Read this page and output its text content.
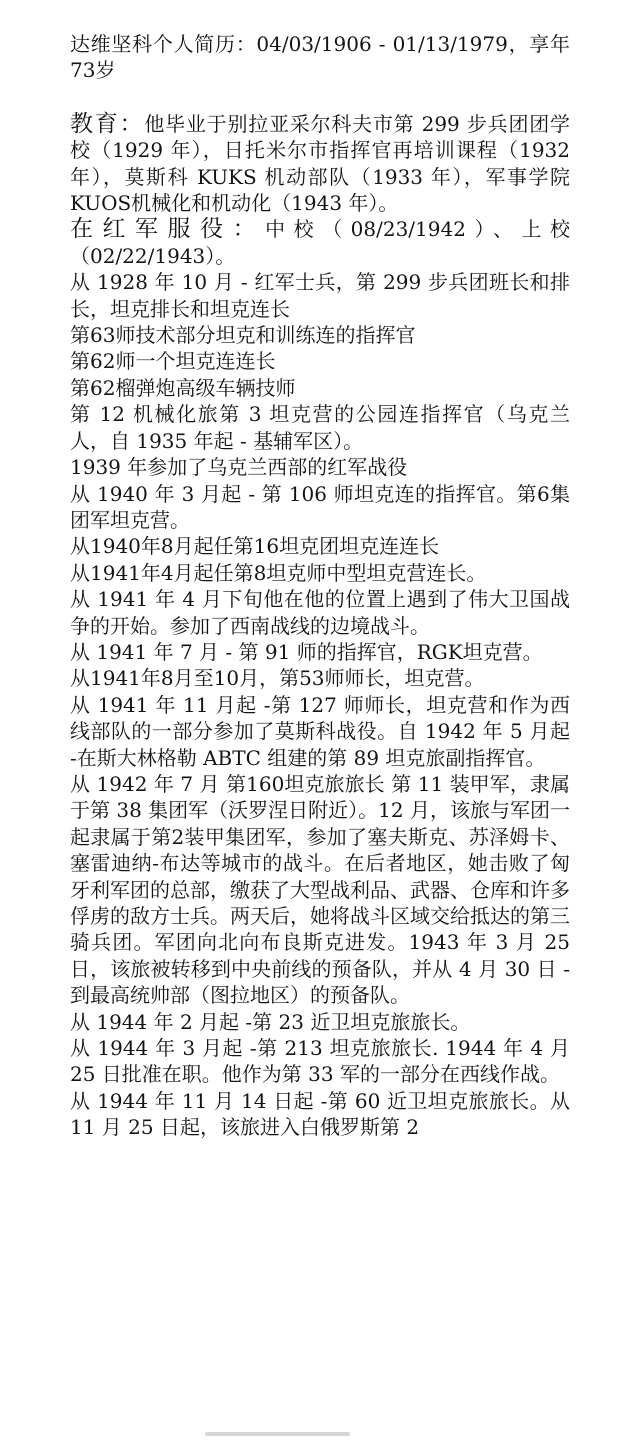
达维坚科个人简历：04/03/1906 - 01/13/1979，享年73岁

教育：他毕业于别拉亚采尔科夫市第 299 步兵团团学校（1929 年），日托米尔市指挥官再培训课程（1932 年），莫斯科 KUKS 机动部队（1933 年），军事学院 KUOS机械化和机动化（1943 年）。

在红军服役：中校（08/23/1942）、上校（02/22/1943）。

从 1928 年 10 月 - 红军士兵，第 299 步兵团班长和排长，坦克排长和坦克连长

第63师技术部分坦克和训练连的指挥官

第62师一个坦克连连长

第62榴弹炮高级车辆技师

第 12 机械化旅第 3 坦克营的公园连指挥官（乌克兰人，自 1935 年起 - 基辅军区）。

1939 年参加了乌克兰西部的红军战役

从 1940 年 3 月起 - 第 106 师坦克连的指挥官。第6集团军坦克营。

从1940年8月起任第16坦克团坦克连连长

从1941年4月起任第8坦克师中型坦克营连长。

从 1941 年 4 月下旬他在他的位置上遇到了伟大卫国战争的开始。参加了西南战线的边境战斗。

从 1941 年 7 月 - 第 91 师的指挥官，RGK坦克营。

从1941年8月至10月，第53师师长，坦克营。

从 1941 年 11 月起 -第 127 师师长，坦克营和作为西线部队的一部分参加了莫斯科战役。自 1942 年 5 月起 -在斯大林格勒 ABTC 组建的第 89 坦克旅副指挥官。

从 1942 年 7 月 第160坦克旅旅长 第 11 装甲军，隶属于第 38 集团军（沃罗涅日附近）。12 月，该旅与军团一起隶属于第2装甲集团军，参加了塞夫斯克、苏泽姆卡、塞雷迪纳-布达等城市的战斗。在后者地区，她击败了匈牙利军团的总部，缴获了大型战利品、武器、仓库和许多俘虏的敌方士兵。两天后，她将战斗区域交给抵达的第三骑兵团。军团向北向布良斯克进发。1943 年 3 月 25 日，该旅被转移到中央前线的预备队，并从 4 月 30 日 - 到最高统帅部（图拉地区）的预备队。

从 1944 年 2 月起 -第 23 近卫坦克旅旅长。

从 1944 年 3 月起 -第 213 坦克旅旅长. 1944 年 4 月 25 日批准在职。他作为第 33 军的一部分在西线作战。

从 1944 年 11 月 14 日起 -第 60 近卫坦克旅旅长。从 11 月 25 日起，该旅进入白俄罗斯第 2
